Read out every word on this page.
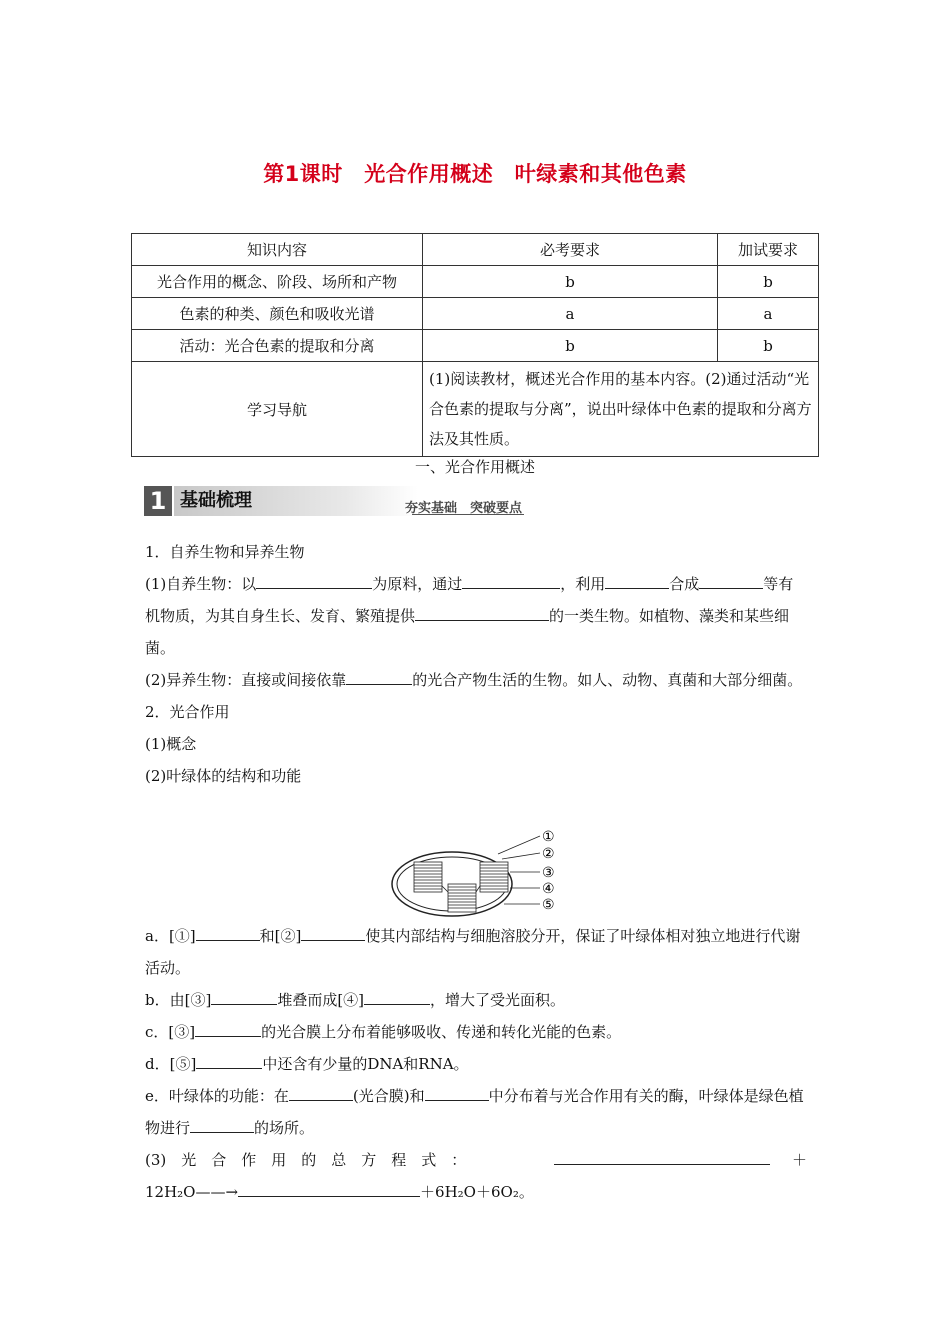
第1课时　光合作用概述　叶绿素和其他色素
知识内容	必考要求	加试要求
光合作用的概念、阶段、场所和产物	b	b
色素的种类、颜色和吸收光谱	a	a
活动：光合色素的提取和分离	b	b
学习导航	(1)阅读教材，概述光合作用的基本内容。(2)通过活动“光合色素的提取与分离”，说出叶绿体中色素的提取和分离方法及其性质。	
一、光合作用概述
1 基础梳理	夯实基础　突破要点

1．自养生物和异养生物

(1)自养生物：以	为原料，通过	，利用	合成	等有机物质，为其自身生长、发育、繁殖提供	的一类生物。如植物、藻类和某些细菌。

(2)异养生物：直接或间接依靠	的光合产物生活的生物。如人、动物、真菌和大部分细菌。

2．光合作用

(1)概念

(2)叶绿体的结构和功能

a．[①]	和[②]	使其内部结构与细胞溶胶分开，保证了叶绿体相对独立地进行代谢活动。

b．由[③]	堆叠而成[④]	，增大了受光面积。

c．[③]	的光合膜上分布着能够吸收、传递和转化光能的色素。

d．[⑤]	中还含有少量的DNA和RNA。

e．叶绿体的功能：在	(光合膜)和	中分布着与光合作用有关的酶，叶绿体是绿色植物进行	的场所。

(3)　光　合　作　用　的　总　方　程　式　：	＋

12H₂O——→	＋6H₂O＋6O₂。

①
②
③
④
⑤
